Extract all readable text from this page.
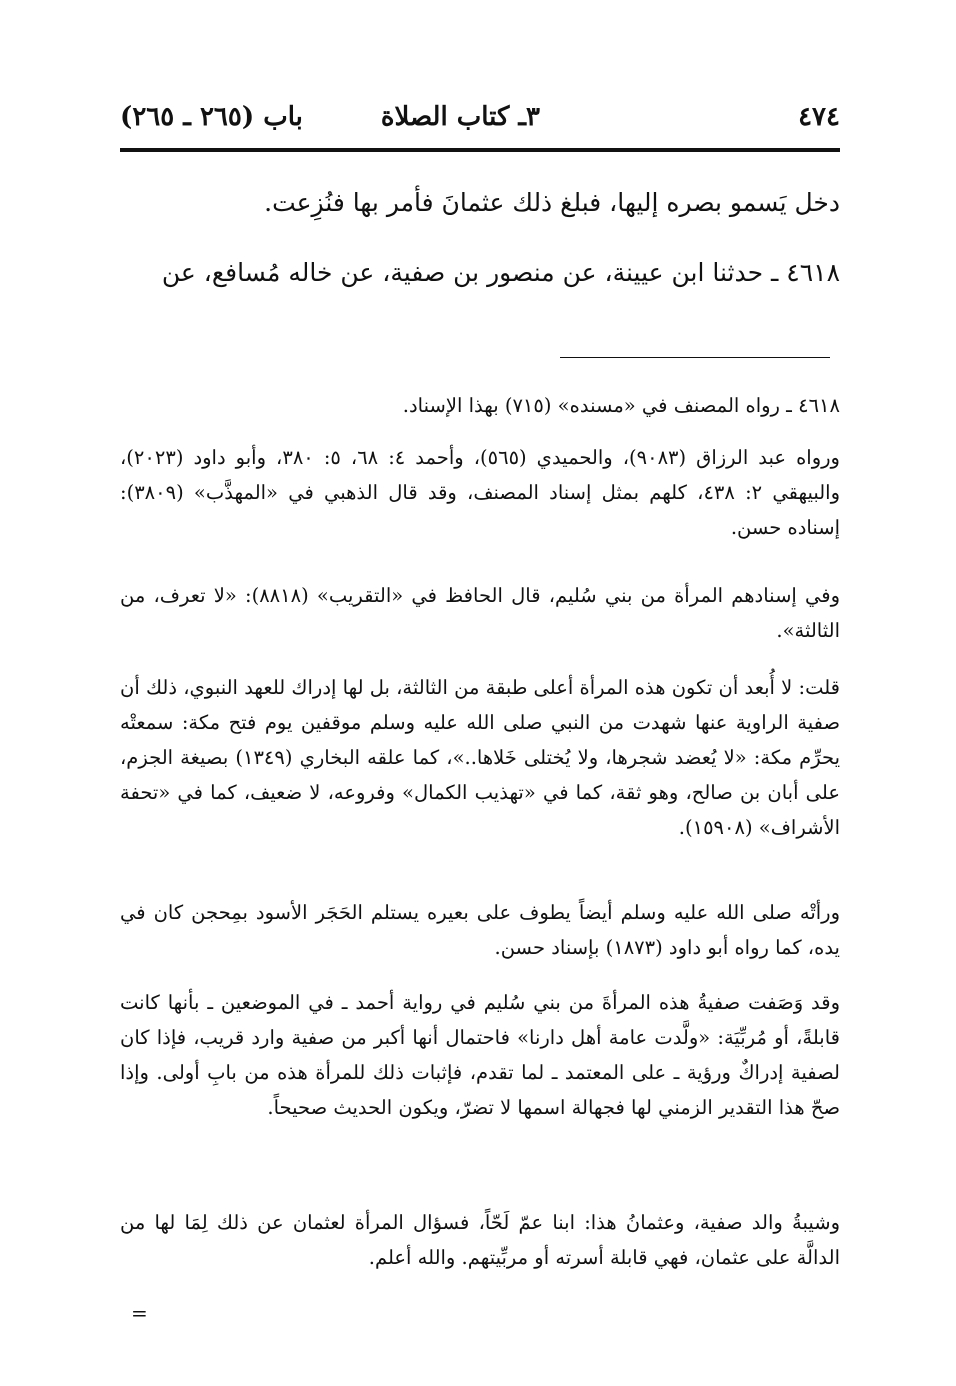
٤٧٤
٣ـ كتاب الصلاة
باب (٢٦٥ ـ ٢٦٥)

دخل يَسمو بصره إليها، فبلغ ذلك عثمانَ فأمر بها فنُزِعت.

٤٦١٨ ـ حدثنا ابن عيينة، عن منصور بن صفية، عن خاله مُسافع، عن

٤٦١٨ ـ رواه المصنف في «مسنده» (٧١٥) بهذا الإسناد.

ورواه عبد الرزاق (٩٠٨٣)، والحميدي (٥٦٥)، وأحمد ٤: ٦٨، ٥: ٣٨٠، وأبو داود (٢٠٢٣)، والبيهقي ٢: ٤٣٨، كلهم بمثل إسناد المصنف، وقد قال الذهبي في «المهذَّب» (٣٨٠٩): إسناده حسن.

وفي إسنادهم المرأة من بني سُليم، قال الحافظ في «التقريب» (٨٨١٨): «لا تعرف، من الثالثة».

قلت: لا أُبعد أن تكون هذه المرأة أعلى طبقة من الثالثة، بل لها إدراك للعهد النبوي، ذلك أن صفية الراوية عنها شهدت من النبي صلى الله عليه وسلم موقفين يوم فتح مكة: سمعتْه يحرِّم مكة: «لا يُعضد شجرها، ولا يُختلى خَلاها..»، كما علقه البخاري (١٣٤٩) بصيغة الجزم، على أبان بن صالح، وهو ثقة، كما في «تهذيب الكمال» وفروعه، لا ضعيف، كما في «تحفة الأشراف» (١٥٩٠٨).

ورأتْه صلى الله عليه وسلم أيضاً يطوف على بعيره يستلم الحَجَر الأسود بمِحجن كان في يده، كما رواه أبو داود (١٨٧٣) بإسناد حسن.

وقد وَصَفت صفيةُ هذه المرأةَ من بني سُليم في رواية أحمد ـ في الموضعين ـ بأنها كانت قابلةً، أو مُربِّيَة: «ولَّدت عامة أهل دارنا» فاحتمال أنها أكبر من صفية وارد قريب، فإذا كان لصفية إدراكٌ ورؤية ـ على المعتمد ـ لما تقدم، فإثبات ذلك للمرأة هذه من بابِ أولى. وإذا صحّ هذا التقدير الزمني لها فجهالة اسمها لا تضرّ، ويكون الحديث صحيحاً.

وشيبةُ والد صفية، وعثمانُ هذا: ابنا عمّ لَحّاً، فسؤال المرأة لعثمان عن ذلك لِمَا لها من الدالَّة على عثمان، فهي قابلة أسرته أو مربِّيتهم. والله أعلم.

=
